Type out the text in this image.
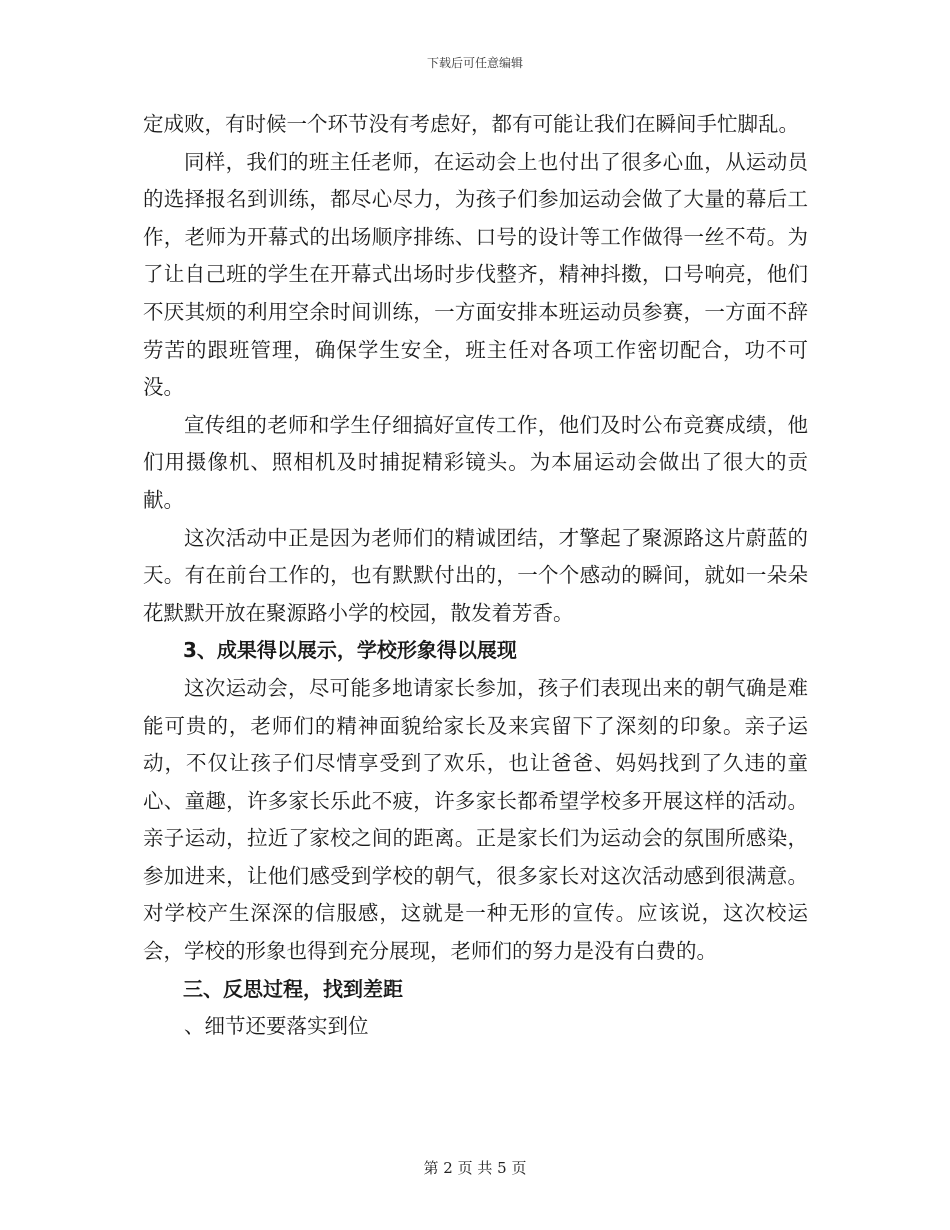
下载后可任意编辑

定成败，有时候一个环节没有考虑好，都有可能让我们在瞬间手忙脚乱。

同样，我们的班主任老师，在运动会上也付出了很多心血，从运动员的选择报名到训练，都尽心尽力，为孩子们参加运动会做了大量的幕后工作，老师为开幕式的出场顺序排练、口号的设计等工作做得一丝不苟。为了让自己班的学生在开幕式出场时步伐整齐，精神抖擞，口号响亮，他们不厌其烦的利用空余时间训练，一方面安排本班运动员参赛，一方面不辞劳苦的跟班管理，确保学生安全，班主任对各项工作密切配合，功不可没。

宣传组的老师和学生仔细搞好宣传工作，他们及时公布竞赛成绩，他们用摄像机、照相机及时捕捉精彩镜头。为本届运动会做出了很大的贡献。

这次活动中正是因为老师们的精诚团结，才擎起了聚源路这片蔚蓝的天。有在前台工作的，也有默默付出的，一个个感动的瞬间，就如一朵朵花默默开放在聚源路小学的校园，散发着芳香。

3、成果得以展示，学校形象得以展现

这次运动会，尽可能多地请家长参加，孩子们表现出来的朝气确是难能可贵的，老师们的精神面貌给家长及来宾留下了深刻的印象。亲子运动，不仅让孩子们尽情享受到了欢乐，也让爸爸、妈妈找到了久违的童心、童趣，许多家长乐此不疲，许多家长都希望学校多开展这样的活动。亲子运动，拉近了家校之间的距离。正是家长们为运动会的氛围所感染，参加进来，让他们感受到学校的朝气，很多家长对这次活动感到很满意。对学校产生深深的信服感，这就是一种无形的宣传。应该说，这次校运会，学校的形象也得到充分展现，老师们的努力是没有白费的。

三、反思过程，找到差距

、细节还要落实到位

第 2 页 共 5 页
